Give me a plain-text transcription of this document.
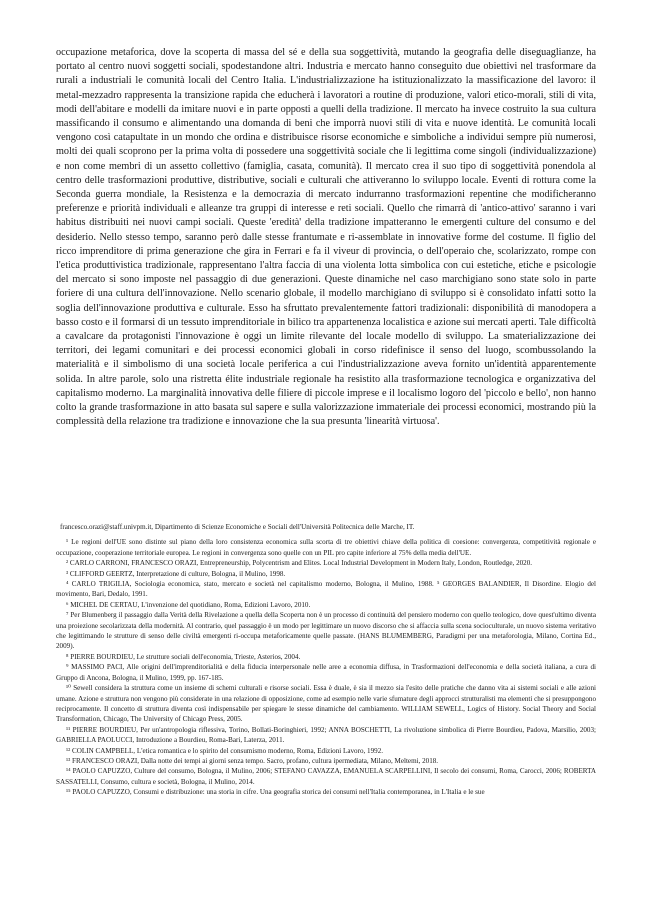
occupazione metaforica, dove la scoperta di massa del sé e della sua soggettività, mutando la geografia delle diseguaglianze, ha portato al centro nuovi soggetti sociali, spodestandone altri. Industria e mercato hanno conseguito due obiettivi nel trasformare da rurali a industriali le comunità locali del Centro Italia. L'industrializzazione ha istituzionalizzato la massificazione del lavoro: il metal-mezzadro rappresenta la transizione rapida che educherà i lavoratori a routine di produzione, valori etico-morali, stili di vita, modi dell'abitare e modelli da imitare nuovi e in parte opposti a quelli della tradizione. Il mercato ha invece costruito la sua cultura massificando il consumo e alimentando una domanda di beni che imporrà nuovi stili di vita e nuove identità. Le comunità locali vengono così catapultate in un mondo che ordina e distribuisce risorse economiche e simboliche a individui sempre più numerosi, molti dei quali scoprono per la prima volta di possedere una soggettività sociale che li legittima come singoli (individualizzazione) e non come membri di un assetto collettivo (famiglia, casata, comunità). Il mercato crea il suo tipo di soggettività ponendola al centro delle trasformazioni produttive, distributive, sociali e culturali che attiveranno lo sviluppo locale. Eventi di rottura come la Seconda guerra mondiale, la Resistenza e la democrazia di mercato indurranno trasformazioni repentine che modificheranno preferenze e priorità individuali e alleanze tra gruppi di interesse e reti sociali. Quello che rimarrà di 'antico-attivo' saranno i vari habitus distribuiti nei nuovi campi sociali. Queste 'eredità' della tradizione impatteranno le emergenti culture del consumo e del desiderio. Nello stesso tempo, saranno però dalle stesse frantumate e ri-assemblate in innovative forme del costume. Il figlio del ricco imprenditore di prima generazione che gira in Ferrari e fa il viveur di provincia, o dell'operaio che, scolarizzato, rompe con l'etica produttivistica tradizionale, rappresentano l'altra faccia di una violenta lotta simbolica con cui estetiche, etiche e psicologie del mercato si sono imposte nel passaggio di due generazioni. Queste dinamiche nel caso marchigiano sono state solo in parte foriere di una cultura dell'innovazione. Nello scenario globale, il modello marchigiano di sviluppo si è consolidato infatti sotto la soglia dell'innovazione produttiva e culturale. Esso ha sfruttato prevalentemente fattori tradizionali: disponibilità di manodopera a basso costo e il formarsi di un tessuto imprenditoriale in bilico tra appartenenza localistica e azione sui mercati aperti. Tale difficoltà a cavalcare da protagonisti l'innovazione è oggi un limite rilevante del locale modello di sviluppo. La smaterializzazione dei territori, dei legami comunitari e dei processi economici globali in corso ridefinisce il senso del luogo, scombussolando la materialità e il simbolismo di una società locale periferica a cui l'industrializzazione aveva fornito un'identità apparentemente solida. In altre parole, solo una ristretta élite industriale regionale ha resistito alla trasformazione tecnologica e organizzativa del capitalismo moderno. La marginalità innovativa delle filiere di piccole imprese e il localismo logoro del 'piccolo e bello', non hanno colto la grande trasformazione in atto basata sul sapere e sulla valorizzazione immateriale dei processi economici, mostrando più la complessità della relazione tra tradizione e innovazione che la sua presunta 'linearità virtuosa'.

francesco.orazi@staff.univpm.it, Dipartimento di Scienze Economiche e Sociali dell'Università Politecnica delle Marche, IT.

¹ Le regioni dell'UE sono distinte sul piano della loro consistenza economica sulla scorta di tre obiettivi chiave della politica di coesione: convergenza, competitività regionale e occupazione, cooperazione territoriale europea. Le regioni in convergenza sono quelle con un PIL pro capite inferiore al 75% della media dell'UE.

² CARLO CARRONI, FRANCESCO ORAZI, Entrepreneurship, Polycentrism and Elites. Local Industrial Development in Modern Italy, London, Routledge, 2020.

³ CLIFFORD GEERTZ, Interpretazione di culture, Bologna, il Mulino, 1998.

⁴ CARLO TRIGILIA, Sociologia economica, stato, mercato e società nel capitalismo moderno, Bologna, il Mulino, 1988. ⁵ GEORGES BALANDIER, Il Disordine. Elogio del movimento, Bari, Dedalo, 1991.

⁶ MICHEL DE CERTAU, L'invenzione del quotidiano, Roma, Edizioni Lavoro, 2010.

⁷ Per Blumenberg il passaggio dalla Verità della Rivelazione a quella della Scoperta non è un processo di continuità del pensiero moderno con quello teologico, dove quest'ultimo diventa una proiezione secolarizzata della modernità. Al contrario, quel passaggio è un modo per legittimare un nuovo discorso che si affaccia sulla scena socioculturale, un nuovo sistema veritativo che legittimando le strutture di senso delle civiltà emergenti ri-occupa metaforicamente quelle passate. (HANS BLUMEMBERG, Paradigmi per una metaforologia, Milano, Cortina Ed., 2009).

⁸ PIERRE BOURDIEU, Le strutture sociali dell'economia, Trieste, Asterios, 2004.

⁹ MASSIMO PACI, Alle origini dell'imprenditorialità e della fiducia interpersonale nelle aree a economia diffusa, in Trasformazioni dell'economia e della società italiana, a cura di Gruppo di Ancona, Bologna, il Mulino, 1999, pp. 167-185.

¹⁰ Sewell considera la struttura come un insieme di schemi culturali e risorse sociali. Essa è duale, è sia il mezzo sia l'esito delle pratiche che danno vita ai sistemi sociali e alle azioni umane. Azione e struttura non vengono più considerate in una relazione di opposizione, come ad esempio nelle varie sfumature degli approcci strutturalisti ma elementi che si presuppongono reciprocamente. Il concetto di struttura diventa così indispensabile per spiegare le stesse dinamiche del cambiamento. WILLIAM SEWELL, Logics of History. Social Theory and Social Transformation, Chicago, The University of Chicago Press, 2005.

¹¹ PIERRE BOURDIEU, Per un'antropologia riflessiva, Torino, Bollati-Boringhieri, 1992; ANNA BOSCHETTI, La rivoluzione simbolica di Pierre Bourdieu, Padova, Marsilio, 2003; GABRIELLA PAOLUCCI, Introduzione a Bourdieu, Roma-Bari, Laterza, 2011.

¹² COLIN CAMPBELL, L'etica romantica e lo spirito del consumismo moderno, Roma, Edizioni Lavoro, 1992.

¹³ FRANCESCO ORAZI, Dalla notte dei tempi ai giorni senza tempo. Sacro, profano, cultura ipermediata, Milano, Meltemi, 2018.

¹⁴ PAOLO CAPUZZO, Culture del consumo, Bologna, il Mulino, 2006; STEFANO CAVAZZA, EMANUELA SCARPELLINI, Il secolo dei consumi, Roma, Carocci, 2006; ROBERTA SASSATELLI, Consumo, cultura e società, Bologna, il Mulino, 2014.

¹⁵ PAOLO CAPUZZO, Consumi e distribuzione: una storia in cifre. Una geografia storica dei consumi nell'Italia contemporanea, in L'Italia e le sue
